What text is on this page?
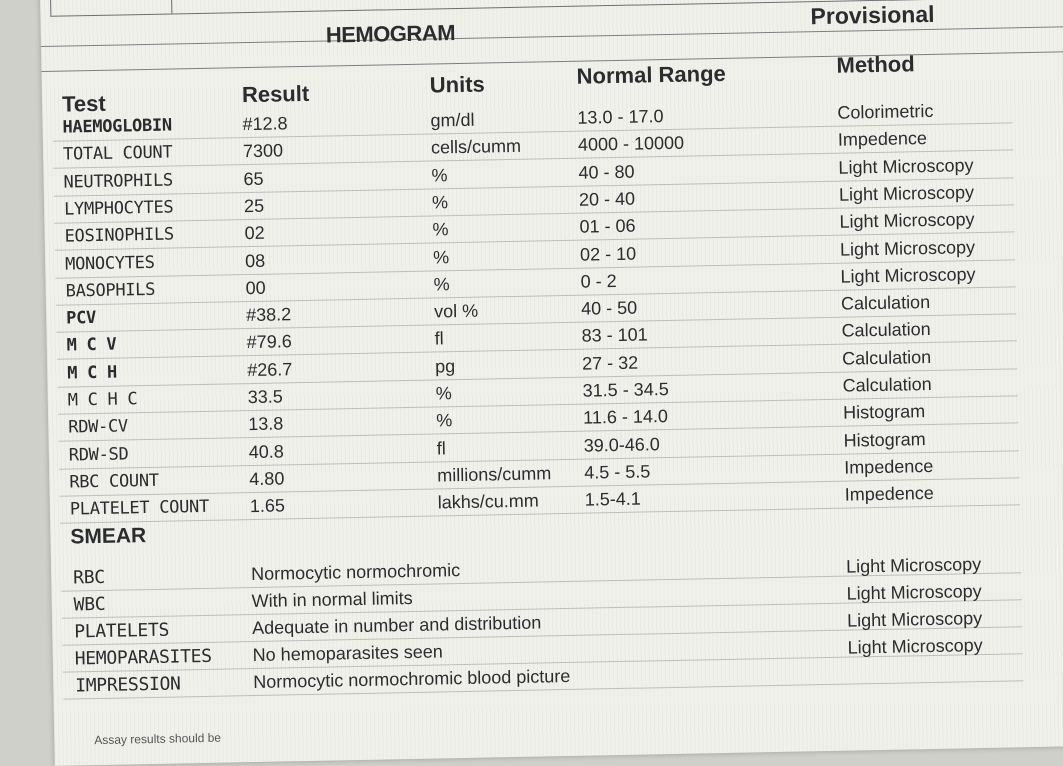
HEMOGRAM
Provisional
Test	Result	Units	Normal Range	Method
HAEMOGLOBIN	#12.8	gm/dl	13.0 - 17.0	Colorimetric
TOTAL COUNT	7300	cells/cumm	4000 - 10000	Impedence
NEUTROPHILS	65	%	40 - 80	Light Microscopy
LYMPHOCYTES	25	%	20 - 40	Light Microscopy
EOSINOPHILS	02	%	01 - 06	Light Microscopy
MONOCYTES	08	%	02 - 10	Light Microscopy
BASOPHILS	00	%	0 - 2	Light Microscopy
PCV	#38.2	vol %	40 - 50	Calculation
M C V	#79.6	fl	83 - 101	Calculation
M C H	#26.7	pg	27 - 32	Calculation
M C H C	33.5	%	31.5 - 34.5	Calculation
RDW-CV	13.8	%	11.6 - 14.0	Histogram
RDW-SD	40.8	fl	39.0-46.0	Histogram
RBC COUNT	4.80	millions/cumm 4.5 - 5.5	Impedence
PLATELET COUNT 1.65	lakhs/cu.mm	1.5-4.1	Impedence
SMEAR
RBC	Normocytic normochromic	Light Microscopy
WBC	With in normal limits	Light Microscopy
PLATELETS	Adequate in number and distribution	Light Microscopy
HEMOPARASITES No hemoparasites seen	Light Microscopy
IMPRESSION	Normocytic normochromic blood picture
Assay results should be
